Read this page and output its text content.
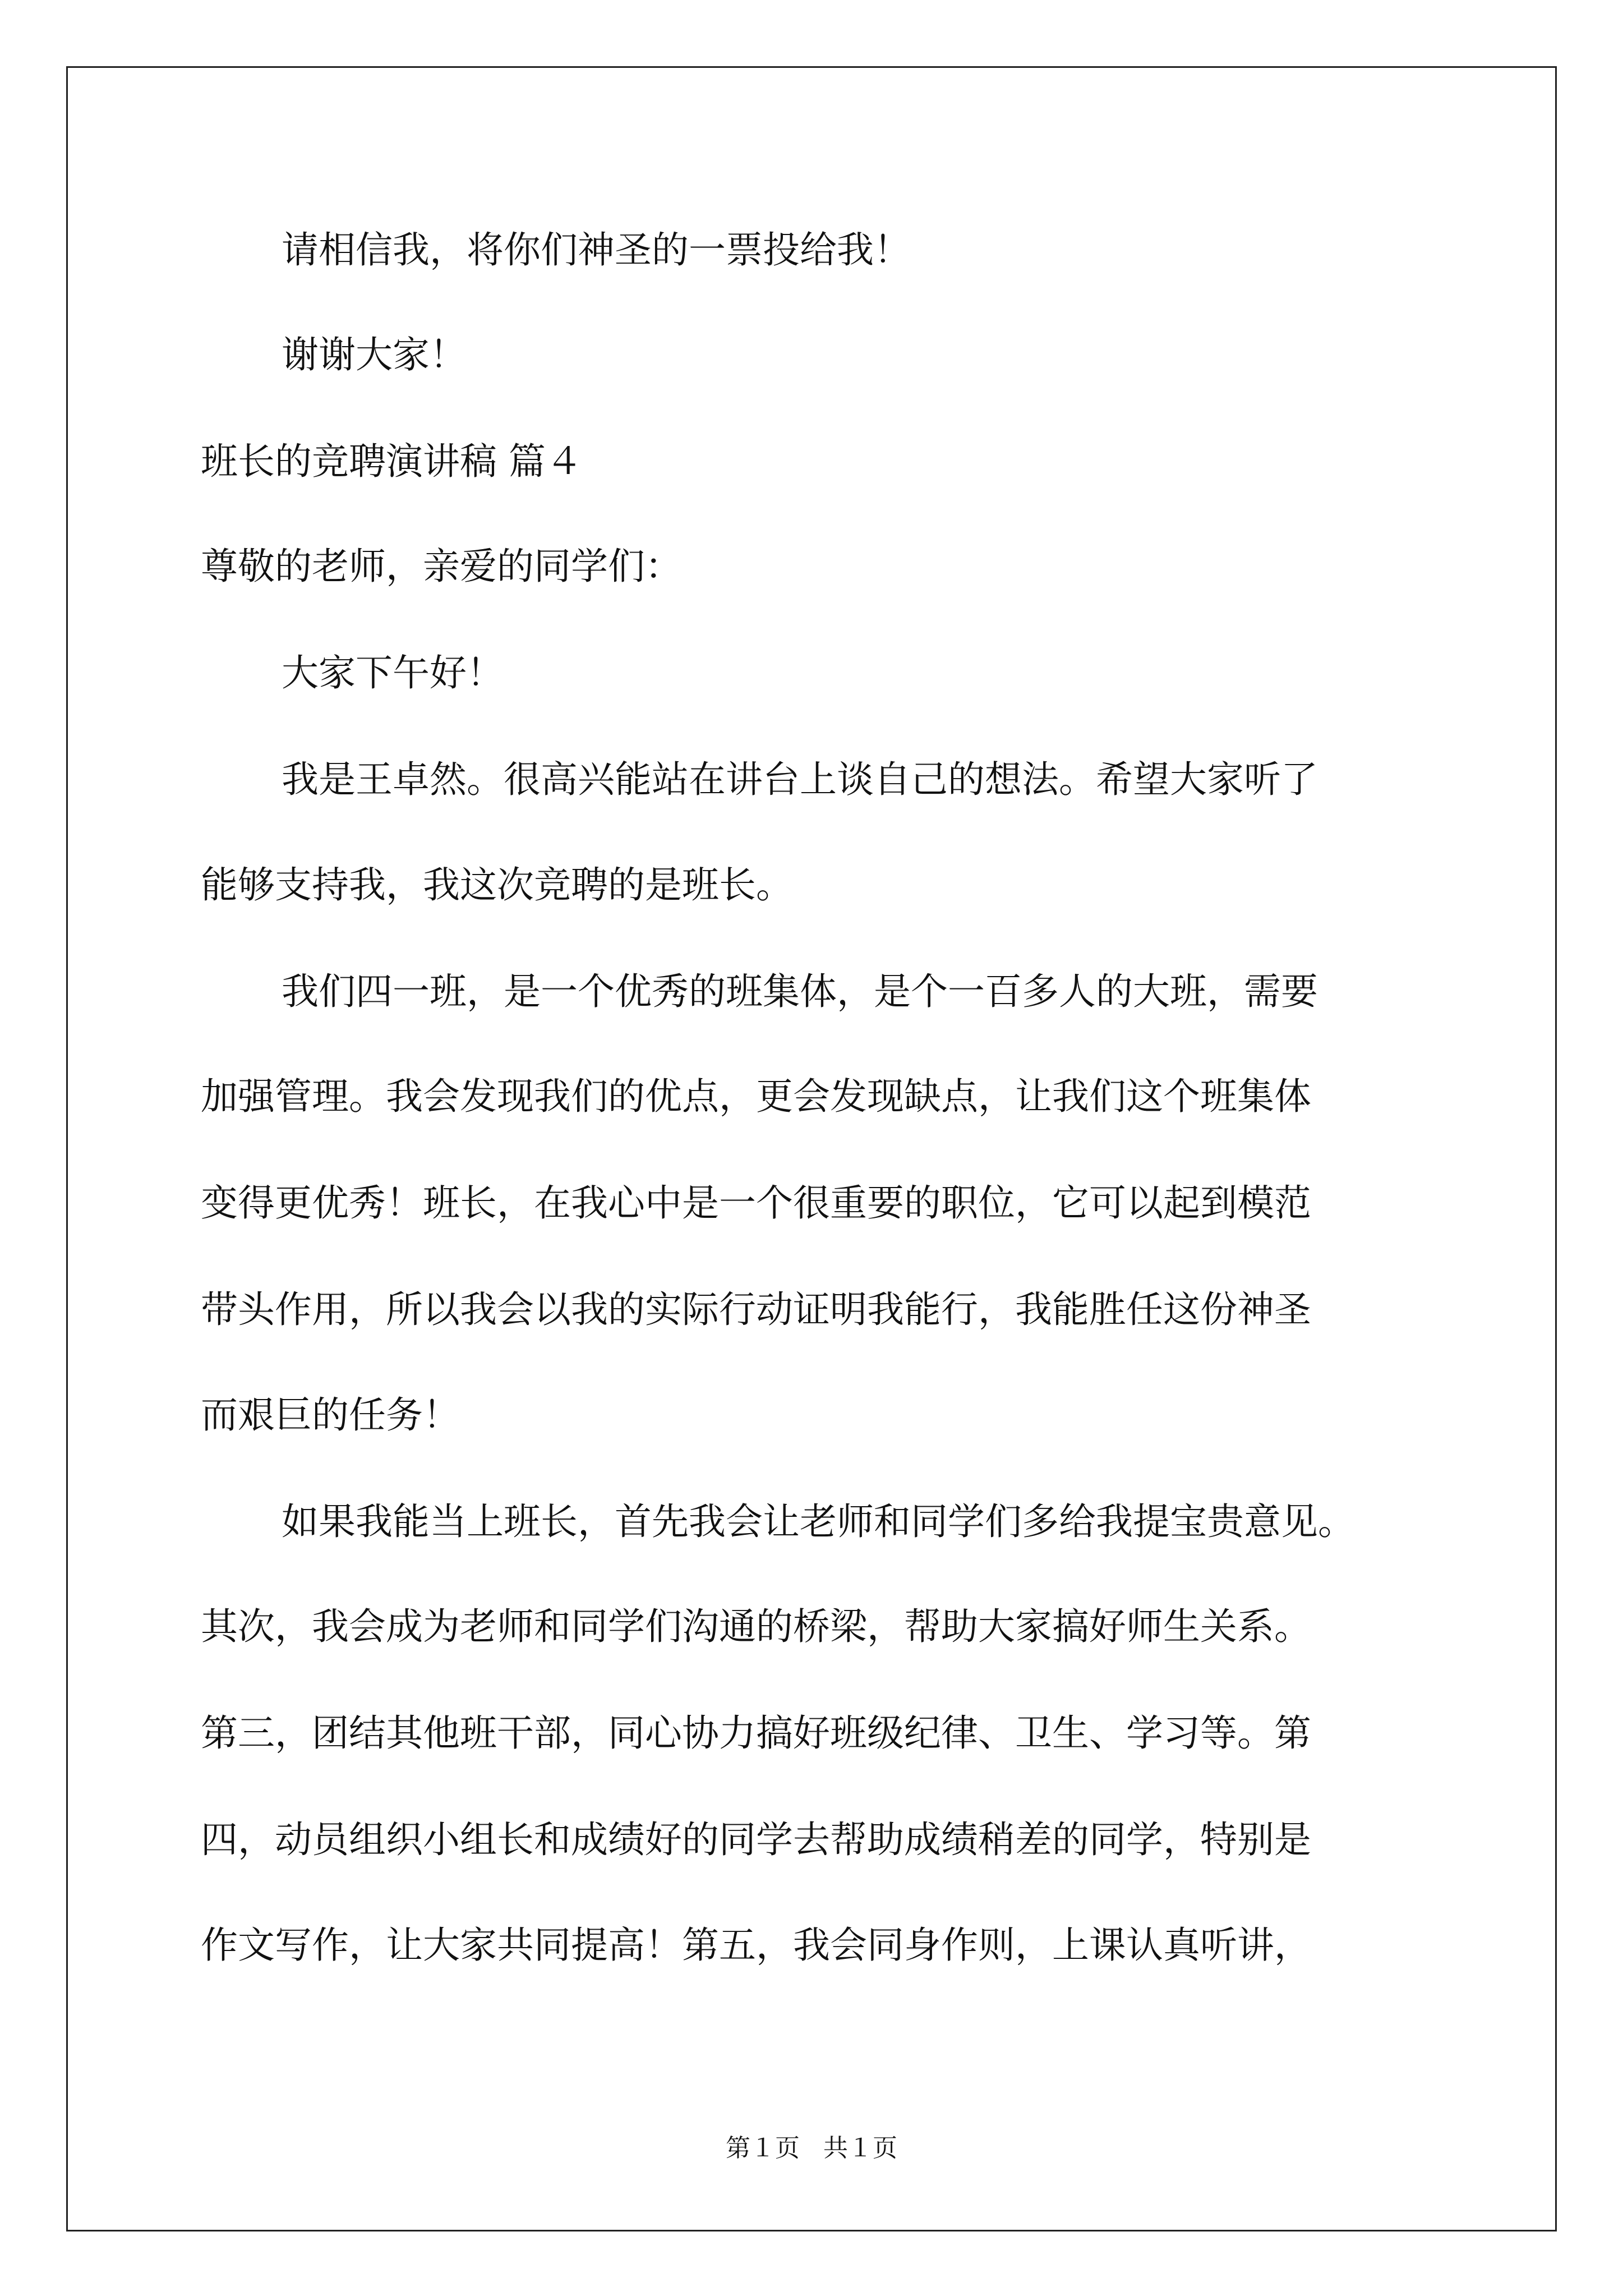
请相信我，将你们神圣的一票投给我！
谢谢大家！
班长的竞聘演讲稿 篇４
尊敬的老师，亲爱的同学们：
大家下午好！
我是王卓然。很高兴能站在讲台上谈自己的想法。希望大家听了
能够支持我，我这次竞聘的是班长。
我们四一班，是一个优秀的班集体，是个一百多人的大班，需要
加强管理。我会发现我们的优点，更会发现缺点，让我们这个班集体
变得更优秀！班长，在我心中是一个很重要的职位，它可以起到模范
带头作用，所以我会以我的实际行动证明我能行，我能胜任这份神圣
而艰巨的任务！
如果我能当上班长，首先我会让老师和同学们多给我提宝贵意见。
其次，我会成为老师和同学们沟通的桥梁，帮助大家搞好师生关系。
第三，团结其他班干部，同心协力搞好班级纪律、卫生、学习等。第
四，动员组织小组长和成绩好的同学去帮助成绩稍差的同学，特别是
作文写作，让大家共同提高！第五，我会同身作则，上课认真听讲，
第１页   共１页
